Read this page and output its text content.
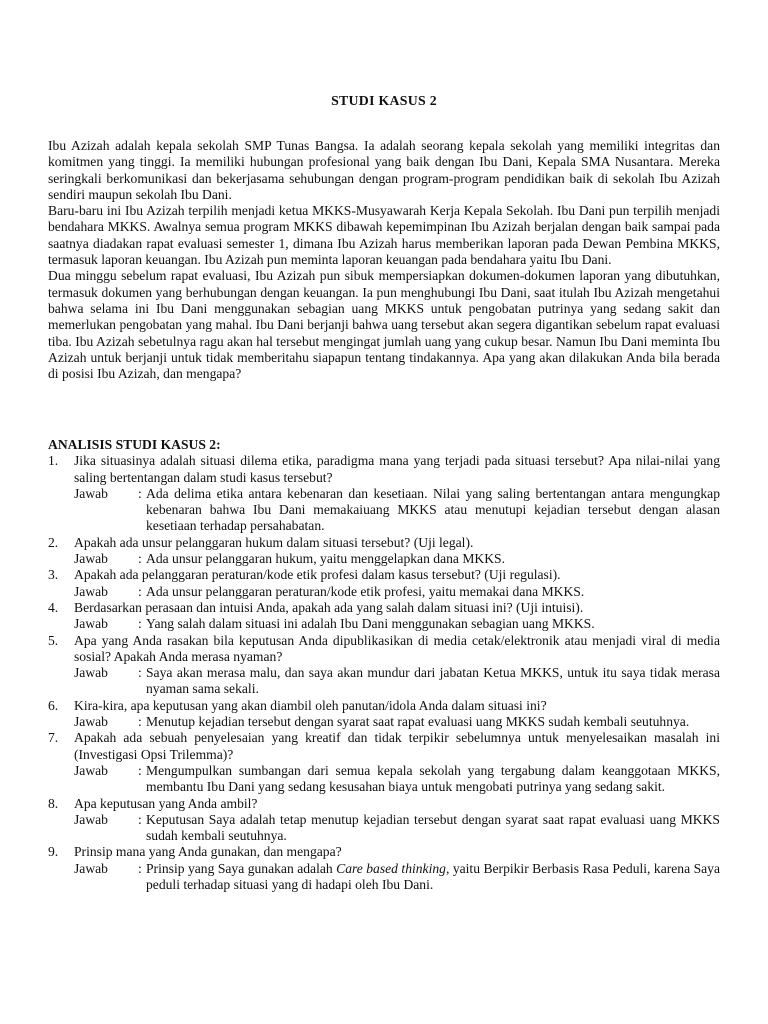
STUDI KASUS 2

Ibu Azizah adalah kepala sekolah SMP Tunas Bangsa. Ia adalah seorang kepala sekolah yang memiliki integritas dan komitmen yang tinggi. Ia memiliki hubungan profesional yang baik dengan Ibu Dani, Kepala SMA Nusantara. Mereka seringkali berkomunikasi dan bekerjasama sehubungan dengan program-program pendidikan baik di sekolah Ibu Azizah sendiri maupun sekolah Ibu Dani.

Baru-baru ini Ibu Azizah terpilih menjadi ketua MKKS-Musyawarah Kerja Kepala Sekolah. Ibu Dani pun terpilih menjadi bendahara MKKS. Awalnya semua program MKKS dibawah kepemimpinan Ibu Azizah berjalan dengan baik sampai pada saatnya diadakan rapat evaluasi semester 1, dimana Ibu Azizah harus memberikan laporan pada Dewan Pembina MKKS, termasuk laporan keuangan. Ibu Azizah pun meminta laporan keuangan pada bendahara yaitu Ibu Dani.

Dua minggu sebelum rapat evaluasi, Ibu Azizah pun sibuk mempersiapkan dokumen-dokumen laporan yang dibutuhkan, termasuk dokumen yang berhubungan dengan keuangan. Ia pun menghubungi Ibu Dani, saat itulah Ibu Azizah mengetahui bahwa selama ini Ibu Dani menggunakan sebagian uang MKKS untuk pengobatan putrinya yang sedang sakit dan memerlukan pengobatan yang mahal. Ibu Dani berjanji bahwa uang tersebut akan segera digantikan sebelum rapat evaluasi tiba. Ibu Azizah sebetulnya ragu akan hal tersebut mengingat jumlah uang yang cukup besar. Namun Ibu Dani meminta Ibu Azizah untuk berjanji untuk tidak memberitahu siapapun tentang tindakannya. Apa yang akan dilakukan Anda bila berada di posisi Ibu Azizah, dan mengapa?

ANALISIS STUDI KASUS 2:
1. Jika situasinya adalah situasi dilema etika, paradigma mana yang terjadi pada situasi tersebut? Apa nilai-nilai yang saling bertentangan dalam studi kasus tersebut?
Jawab	: Ada delima etika antara kebenaran dan kesetiaan. Nilai yang saling bertentangan antara mengungkap kebenaran bahwa Ibu Dani memakaiuang MKKS atau menutupi kejadian tersebut dengan alasan kesetiaan terhadap persahabatan.
2. Apakah ada unsur pelanggaran hukum dalam situasi tersebut? (Uji legal).
Jawab	: Ada unsur pelanggaran hukum, yaitu menggelapkan dana MKKS.
3. Apakah ada pelanggaran peraturan/kode etik profesi dalam kasus tersebut? (Uji regulasi).
Jawab	: Ada unsur pelanggaran peraturan/kode etik profesi, yaitu memakai dana MKKS.
4. Berdasarkan perasaan dan intuisi Anda, apakah ada yang salah dalam situasi ini? (Uji intuisi).
Jawab	: Yang salah dalam situasi ini adalah Ibu Dani menggunakan sebagian uang MKKS.
5. Apa yang Anda rasakan bila keputusan Anda dipublikasikan di media cetak/elektronik atau menjadi viral di media sosial? Apakah Anda merasa nyaman?
Jawab	: Saya akan merasa malu, dan saya akan mundur dari jabatan Ketua MKKS, untuk itu saya tidak merasa nyaman sama sekali.
6. Kira-kira, apa keputusan yang akan diambil oleh panutan/idola Anda dalam situasi ini?
Jawab	: Menutup kejadian tersebut dengan syarat saat rapat evaluasi uang MKKS sudah kembali seutuhnya.
7. Apakah ada sebuah penyelesaian yang kreatif dan tidak terpikir sebelumnya untuk menyelesaikan masalah ini (Investigasi Opsi Trilemma)?
Jawab	: Mengumpulkan sumbangan dari semua kepala sekolah yang tergabung dalam keanggotaan MKKS, membantu Ibu Dani yang sedang kesusahan biaya untuk mengobati putrinya yang sedang sakit.
8. Apa keputusan yang Anda ambil?
Jawab	: Keputusan Saya adalah tetap menutup kejadian tersebut dengan syarat saat rapat evaluasi uang MKKS sudah kembali seutuhnya.
9. Prinsip mana yang Anda gunakan, dan mengapa?
Jawab	: Prinsip yang Saya gunakan adalah Care based thinking, yaitu Berpikir Berbasis Rasa Peduli, karena Saya peduli terhadap situasi yang di hadapi oleh Ibu Dani.
